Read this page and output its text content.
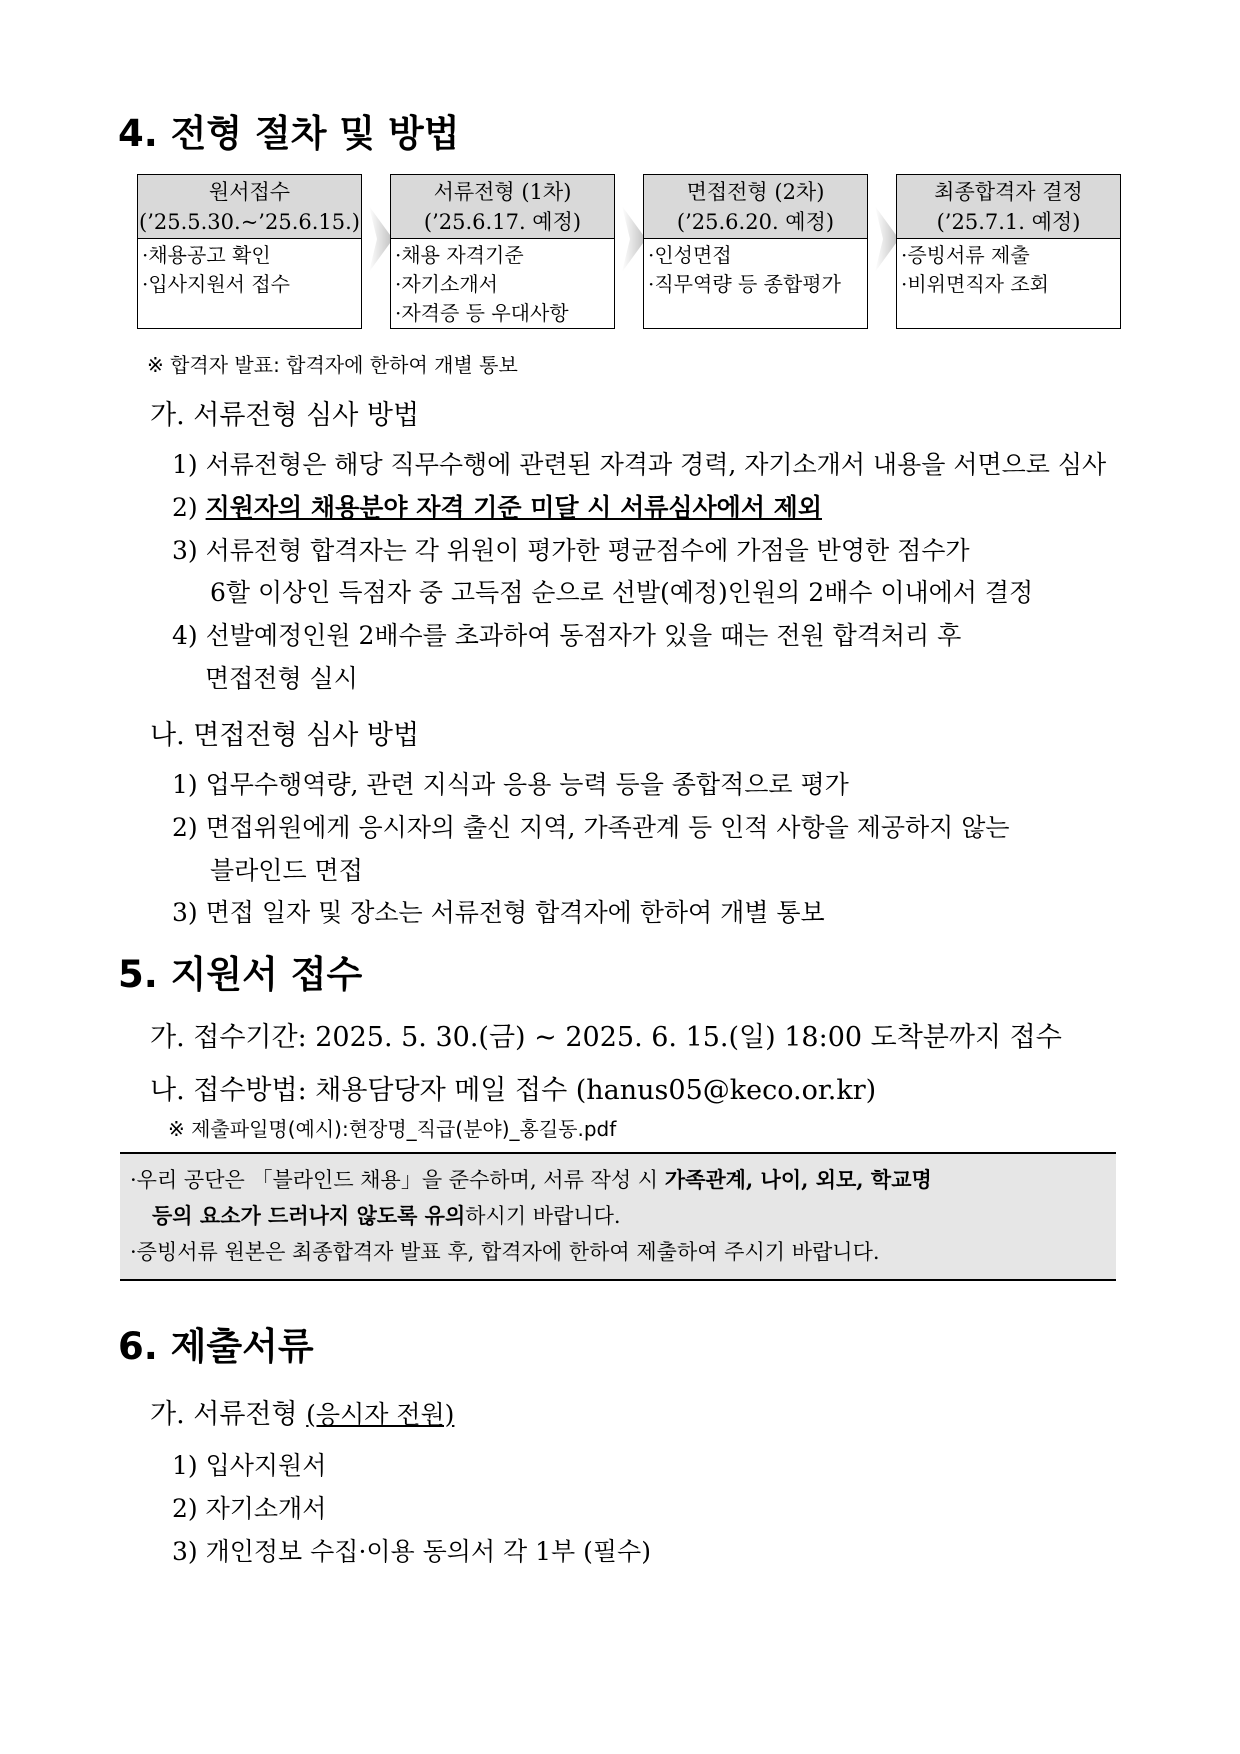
4. 전형 절차 및 방법
원서접수
(’25.5.30.~’25.6.15.)
·채용공고 확인
·입사지원서 접수
서류전형 (1차)
(’25.6.17. 예정)
·채용 자격기준
·자기소개서
·자격증 등 우대사항
면접전형 (2차)
(’25.6.20. 예정)
·인성면접
·직무역량 등 종합평가
최종합격자 결정
(’25.7.1. 예정)
·증빙서류 제출
·비위면직자 조회
※ 합격자 발표: 합격자에 한하여 개별 통보
가. 서류전형 심사 방법
1) 서류전형은 해당 직무수행에 관련된 자격과 경력, 자기소개서 내용을 서면으로 심사
2) 지원자의 채용분야 자격 기준 미달 시 서류심사에서 제외
3) 서류전형 합격자는 각 위원이 평가한 평균점수에 가점을 반영한 점수가
6할 이상인 득점자 중 고득점 순으로 선발(예정)인원의 2배수 이내에서 결정
4) 선발예정인원 2배수를 초과하여 동점자가 있을 때는 전원 합격처리 후
면접전형 실시
나. 면접전형 심사 방법
1) 업무수행역량, 관련 지식과 응용 능력 등을 종합적으로 평가
2) 면접위원에게 응시자의 출신 지역, 가족관계 등 인적 사항을 제공하지 않는
블라인드 면접
3) 면접 일자 및 장소는 서류전형 합격자에 한하여 개별 통보
5. 지원서 접수
가. 접수기간: 2025. 5. 30.(금) ~ 2025. 6. 15.(일) 18:00 도착분까지 접수
나. 접수방법: 채용담당자 메일 접수 (hanus05@keco.or.kr)
※ 제출파일명(예시):현장명_직급(분야)_홍길동.pdf
·우리 공단은 「블라인드 채용」을 준수하며, 서류 작성 시 가족관계, 나이, 외모, 학교명
등의 요소가 드러나지 않도록 유의하시기 바랍니다.
·증빙서류 원본은 최종합격자 발표 후, 합격자에 한하여 제출하여 주시기 바랍니다.
6. 제출서류
가. 서류전형 (응시자 전원)
1) 입사지원서
2) 자기소개서
3) 개인정보 수집·이용 동의서 각 1부 (필수)
